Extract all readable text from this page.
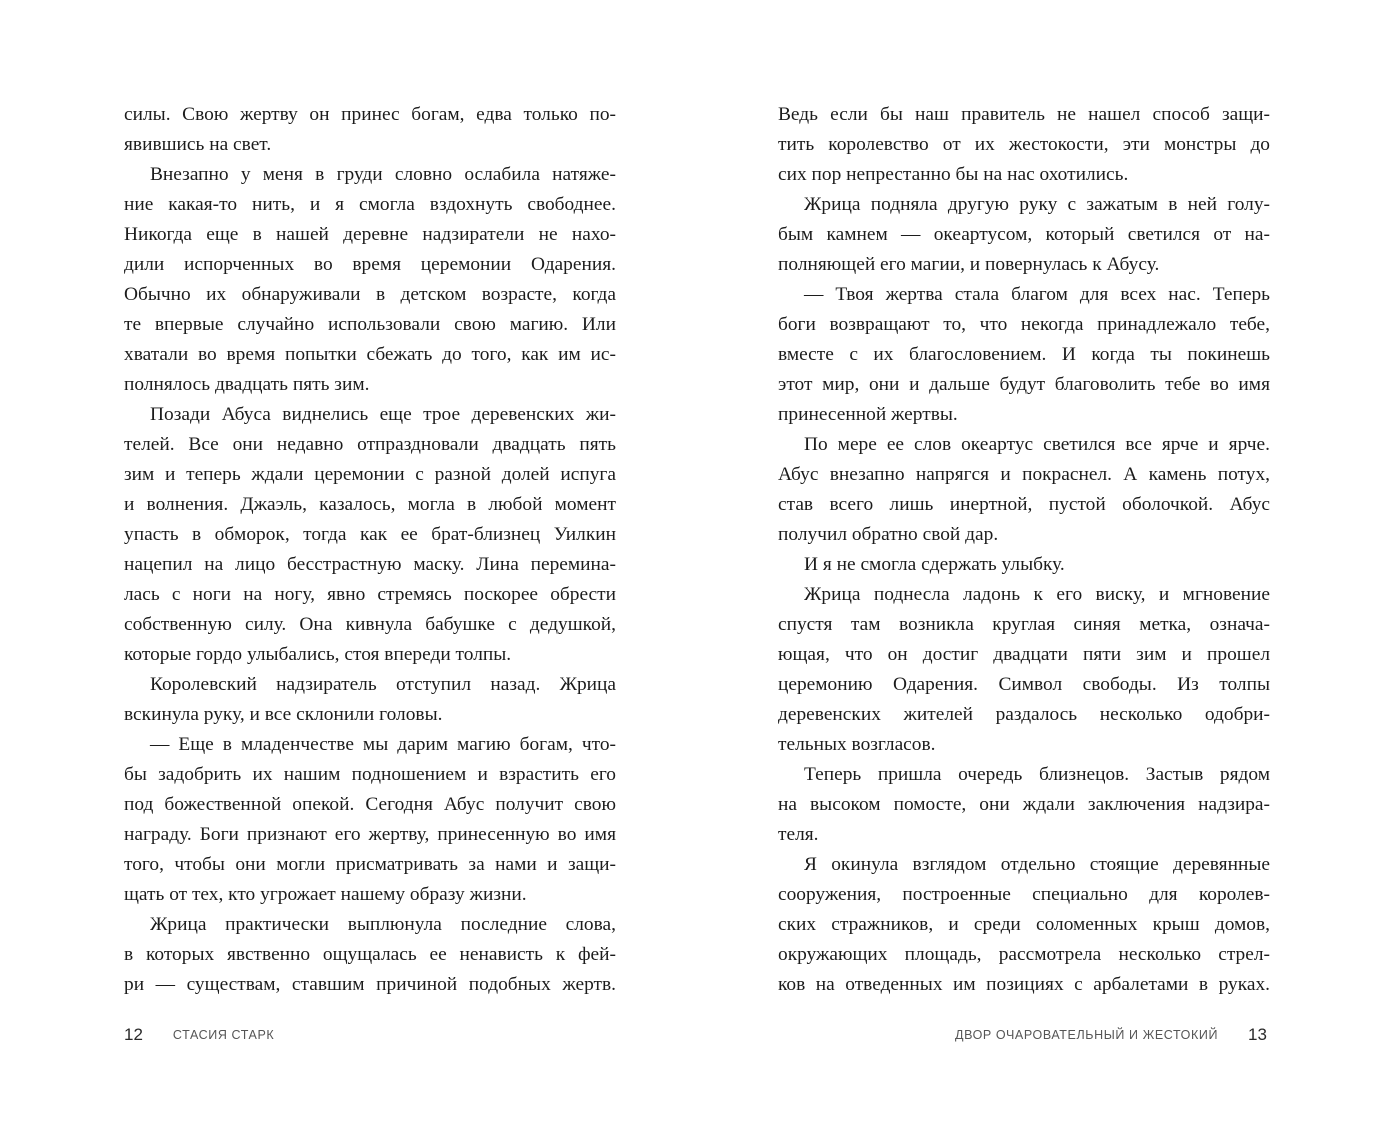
силы. Свою жертву он принес богам, едва только по-
явившись на свет.
Внезапно у меня в груди словно ослабила натяже-
ние какая-то нить, и я смогла вздохнуть свободнее.
Никогда еще в нашей деревне надзиратели не нахо-
дили испорченных во время церемонии Одарения.
Обычно их обнаруживали в детском возрасте, когда
те впервые случайно использовали свою магию. Или
хватали во время попытки сбежать до того, как им ис-
полнялось двадцать пять зим.
Позади Абуса виднелись еще трое деревенских жи-
телей. Все они недавно отпраздновали двадцать пять
зим и теперь ждали церемонии с разной долей испуга
и волнения. Джаэль, казалось, могла в любой момент
упасть в обморок, тогда как ее брат-близнец Уилкин
нацепил на лицо бесстрастную маску. Лина перемина-
лась с ноги на ногу, явно стремясь поскорее обрести
собственную силу. Она кивнула бабушке с дедушкой,
которые гордо улыбались, стоя впереди толпы.
Королевский надзиратель отступил назад. Жрица
вскинула руку, и все склонили головы.
— Еще в младенчестве мы дарим магию богам, что-
бы задобрить их нашим подношением и взрастить его
под божественной опекой. Сегодня Абус получит свою
награду. Боги признают его жертву, принесенную во имя
того, чтобы они могли присматривать за нами и защи-
щать от тех, кто угрожает нашему образу жизни.
Жрица практически выплюнула последние слова,
в которых явственно ощущалась ее ненависть к фей-
ри — существам, ставшим причиной подобных жертв.
Ведь если бы наш правитель не нашел способ защи-
тить королевство от их жестокости, эти монстры до
сих пор непрестанно бы на нас охотились.
Жрица подняла другую руку с зажатым в ней голу-
бым камнем — океартусом, который светился от на-
полняющей его магии, и повернулась к Абусу.
— Твоя жертва стала благом для всех нас. Теперь
боги возвращают то, что некогда принадлежало тебе,
вместе с их благословением. И когда ты покинешь
этот мир, они и дальше будут благоволить тебе во имя
принесенной жертвы.
По мере ее слов океартус светился все ярче и ярче.
Абус внезапно напрягся и покраснел. А камень потух,
став всего лишь инертной, пустой оболочкой. Абус
получил обратно свой дар.
И я не смогла сдержать улыбку.
Жрица поднесла ладонь к его виску, и мгновение
спустя там возникла круглая синяя метка, означа-
ющая, что он достиг двадцати пяти зим и прошел
церемонию Одарения. Символ свободы. Из толпы
деревенских жителей раздалось несколько одобри-
тельных возгласов.
Теперь пришла очередь близнецов. Застыв рядом
на высоком помосте, они ждали заключения надзира-
теля.
Я окинула взглядом отдельно стоящие деревянные
сооружения, построенные специально для королев-
ских стражников, и среди соломенных крыш домов,
окружающих площадь, рассмотрела несколько стрел-
ков на отведенных им позициях с арбалетами в руках.
12 СТАСИЯ СТАРК	ДВОР ОЧАРОВАТЕЛЬНЫЙ И ЖЕСТОКИЙ 13
